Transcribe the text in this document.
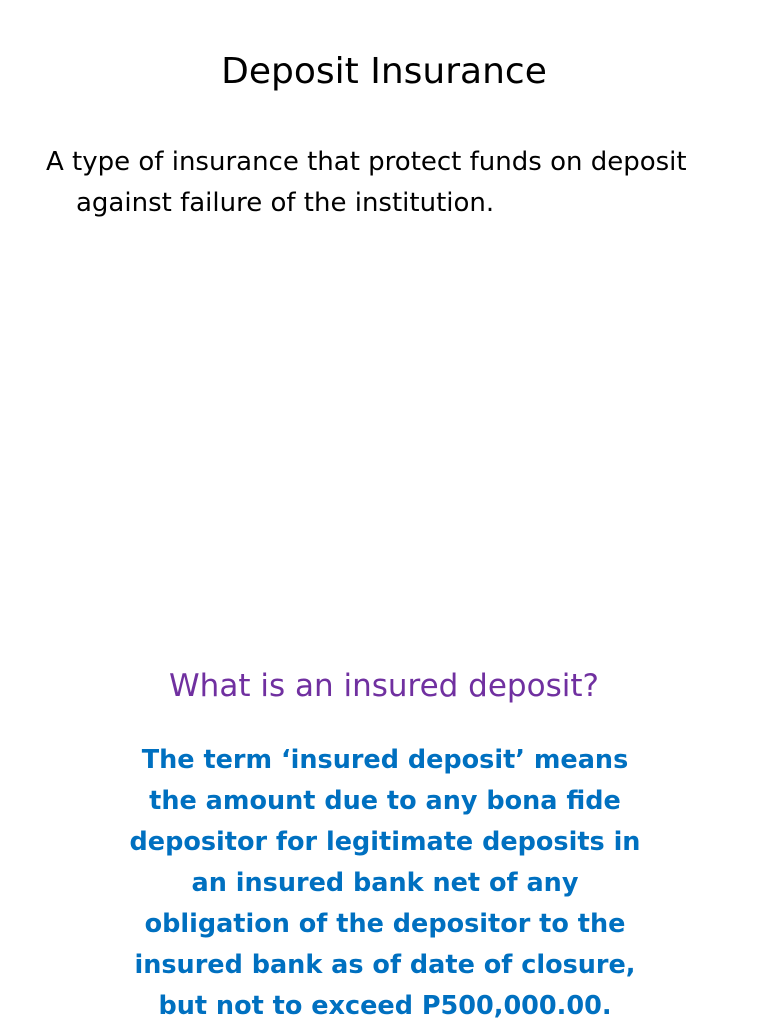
Deposit Insurance

A type of insurance that protect funds on deposit against failure of the institution.

What is an insured deposit?

The term ‘insured deposit’ means the amount due to any bona fide depositor for legitimate deposits in an insured bank net of any obligation of the depositor to the insured bank as of date of closure, but not to exceed P500,000.00.
